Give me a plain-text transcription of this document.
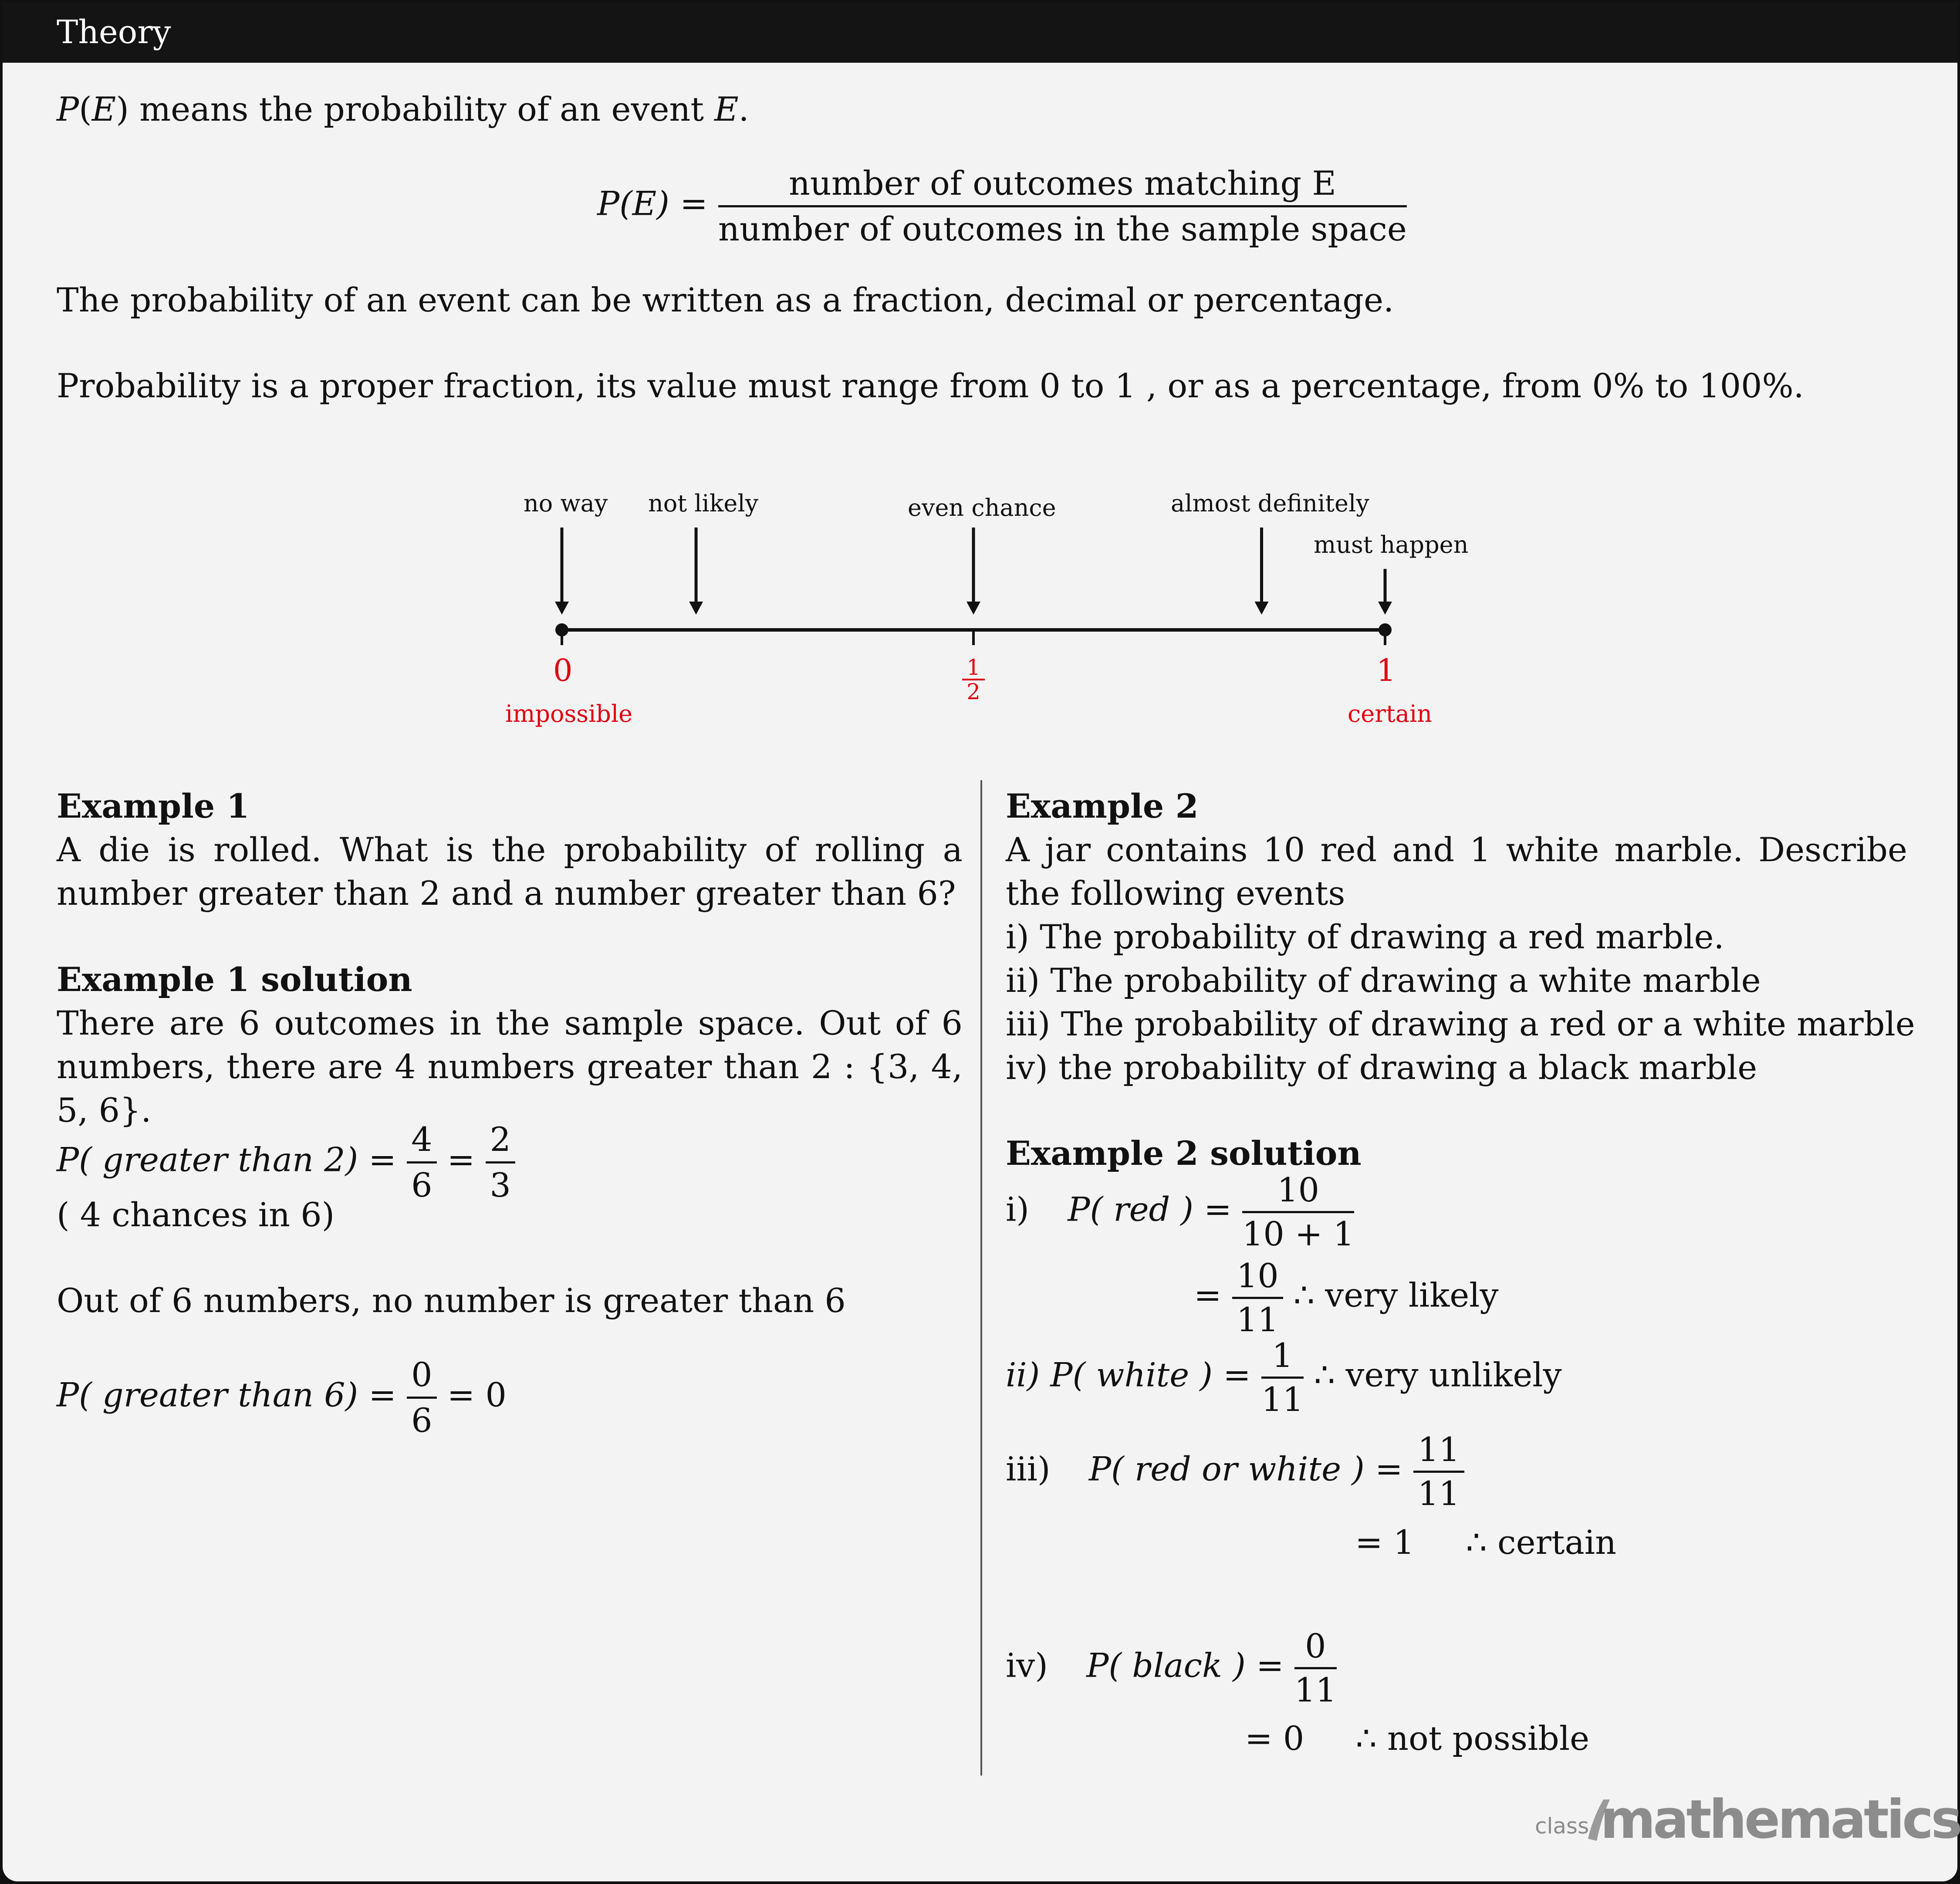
Theory
P(E) means the probability of an event E.
$P(E) = \frac{\text{number of outcomes matching E}}{\text{number of outcomes in the sample space}}$
The probability of an event can be written as a fraction, decimal or percentage.
Probability is a proper fraction, its value must range from 0 to 1 , or as a percentage, from 0% to 100%.
no way not likely	even chance	almost definitely
must happen
0	$\frac{1}{2}$	1
impossible	certain
Example 1
A die is rolled. What is the probability of rolling a number greater than 2 and a number greater than 6?
Example 1 solution
There are 6 outcomes in the sample space. Out of 6 numbers, there are 4 numbers greater than 2 : {3, 4, 5, 6}.
P( greater than $2) = \frac{4}{6} = \frac{2}{3}$
( 4 chances in 6)
Out of 6 numbers, no number is greater than 6
P( greater than $6) = \frac{0}{6} = 0$
Example 2
A jar contains 10 red and 1 white marble. Describe the following events
i) The probability of drawing a red marble.
ii) The probability of drawing a white marble
iii) The probability of drawing a red or a white marble
iv) the probability of drawing a black marble
Example 2 solution
i) P( red ) = $\frac{10}{10 + 1}$
= $\frac{10}{11}$ ∴ very likely
ii) P( white ) = $\frac{1}{11}$ ∴ very unlikely
iii) P( red or white ) = $\frac{11}{11}$
= 1 ∴ certain
iv) P( black ) = $\frac{0}{11}$
= 0 ∴ not possible
class mathematics
